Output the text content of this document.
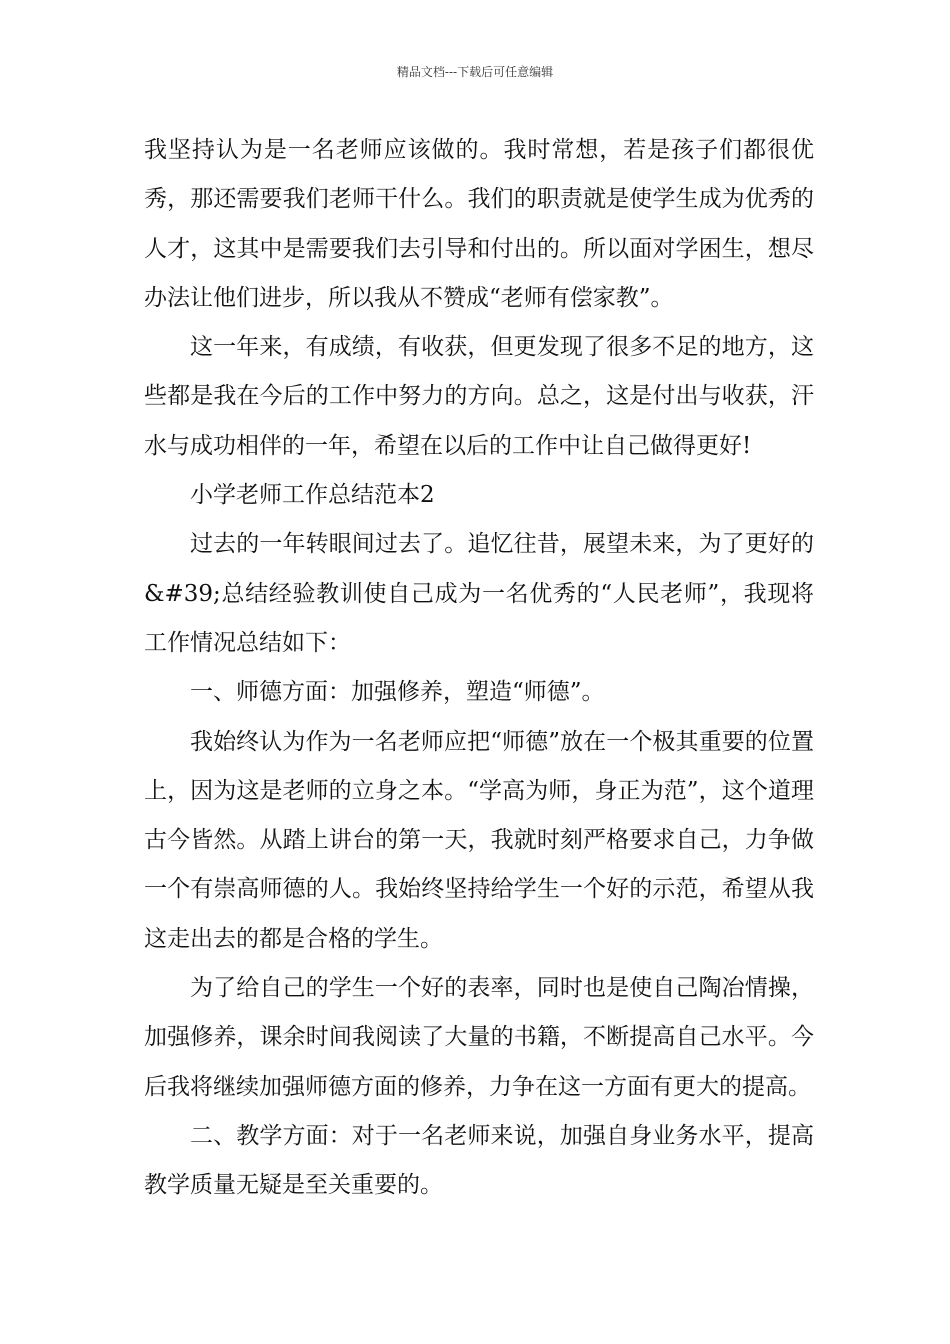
精品文档---下载后可任意编辑

我坚持认为是一名老师应该做的。我时常想，若是孩子们都很优秀，那还需要我们老师干什么。我们的职责就是使学生成为优秀的人才，这其中是需要我们去引导和付出的。所以面对学困生，想尽办法让他们进步，所以我从不赞成“老师有偿家教”。

这一年来，有成绩，有收获，但更发现了很多不足的地方，这些都是我在今后的工作中努力的方向。总之，这是付出与收获，汗水与成功相伴的一年，希望在以后的工作中让自己做得更好!

小学老师工作总结范本2

过去的一年转眼间过去了。追忆往昔，展望未来，为了更好的&#39;总结经验教训使自己成为一名优秀的“人民老师”，我现将工作情况总结如下：

一、师德方面：加强修养，塑造“师德”。

我始终认为作为一名老师应把“师德”放在一个极其重要的位置上，因为这是老师的立身之本。“学高为师，身正为范”，这个道理古今皆然。从踏上讲台的第一天，我就时刻严格要求自己，力争做一个有崇高师德的人。我始终坚持给学生一个好的示范，希望从我这走出去的都是合格的学生。

为了给自己的学生一个好的表率，同时也是使自己陶冶情操，加强修养，课余时间我阅读了大量的书籍，不断提高自己水平。今后我将继续加强师德方面的修养，力争在这一方面有更大的提高。

二、教学方面：对于一名老师来说，加强自身业务水平，提高教学质量无疑是至关重要的。
